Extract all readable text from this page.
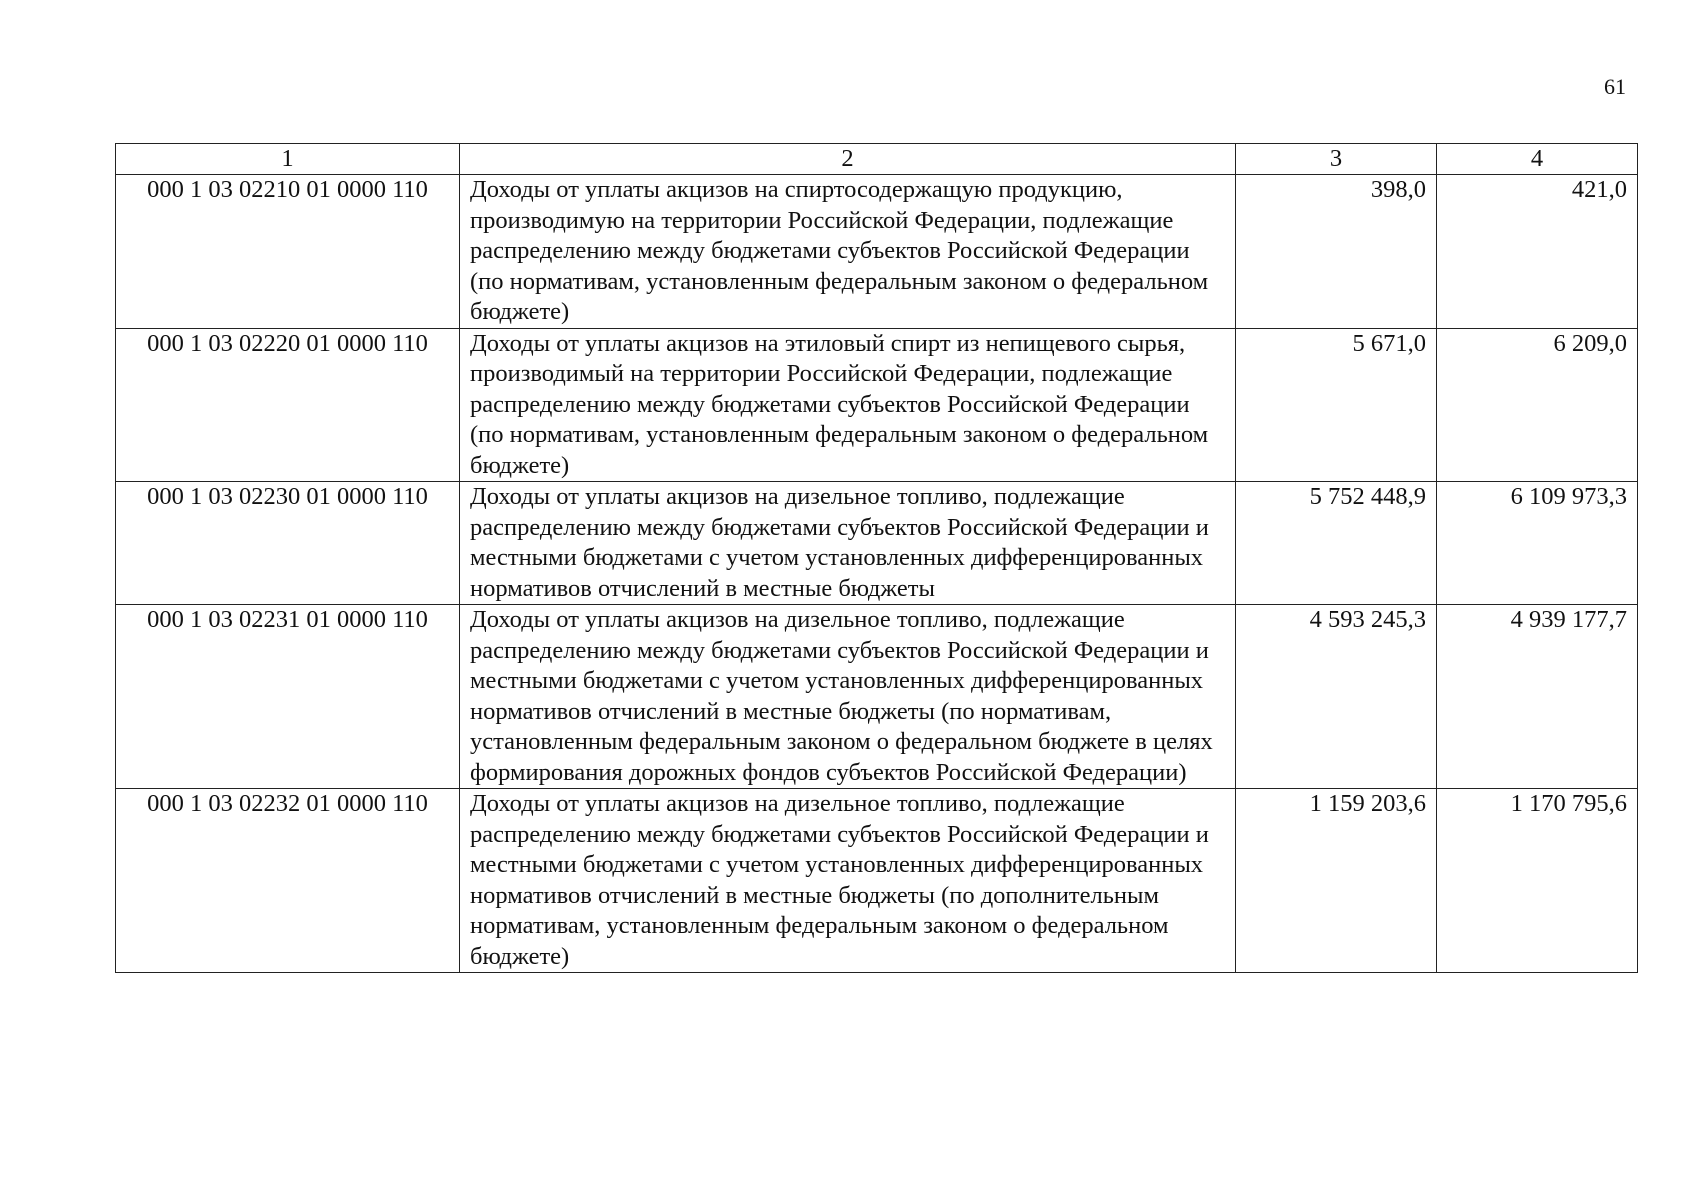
61
1	2	3	4
000 1 03 02210 01 0000 110	Доходы от уплаты акцизов на спиртосодержащую продукцию, производимую на территории Российской Федерации, подлежащие распределению между бюджетами субъектов Российской Федерации (по нормативам, установленным федеральным законом о федеральном бюджете)	398,0	421,0
000 1 03 02220 01 0000 110	Доходы от уплаты акцизов на этиловый спирт из непищевого сырья, производимый на территории Российской Федерации, подлежащие распределению между бюджетами субъектов Российской Федерации (по нормативам, установленным федеральным законом о федеральном бюджете)	5 671,0	6 209,0
000 1 03 02230 01 0000 110	Доходы от уплаты акцизов на дизельное топливо, подлежащие распределению между бюджетами субъектов Российской Федерации и местными бюджетами с учетом установленных дифференцированных нормативов отчислений в местные бюджеты	5 752 448,9	6 109 973,3
000 1 03 02231 01 0000 110	Доходы от уплаты акцизов на дизельное топливо, подлежащие распределению между бюджетами субъектов Российской Федерации и местными бюджетами с учетом установленных дифференцированных нормативов отчислений в местные бюджеты (по нормативам, установленным федеральным законом о федеральном бюджете в целях формирования дорожных фондов субъектов Российской Федерации)	4 593 245,3	4 939 177,7
000 1 03 02232 01 0000 110	Доходы от уплаты акцизов на дизельное топливо, подлежащие распределению между бюджетами субъектов Российской Федерации и местными бюджетами с учетом установленных дифференцированных нормативов отчислений в местные бюджеты (по дополнительным нормативам, установленным федеральным законом о федеральном бюджете)	1 159 203,6	1 170 795,6
